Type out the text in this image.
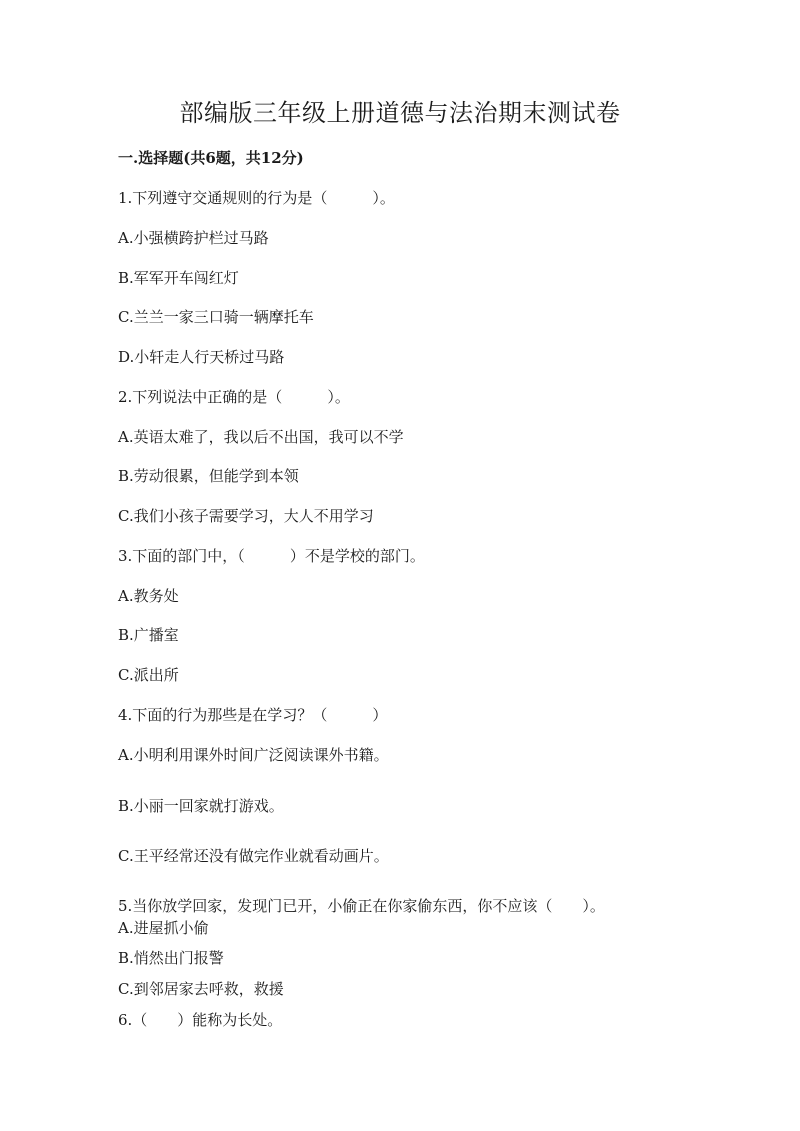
部编版三年级上册道德与法治期末测试卷
一.选择题(共6题，共12分)
1.下列遵守交通规则的行为是（　　　）。
A.小强横跨护栏过马路
B.军军开车闯红灯
C.兰兰一家三口骑一辆摩托车
D.小轩走人行天桥过马路
2.下列说法中正确的是（　　　）。
A.英语太难了，我以后不出国，我可以不学
B.劳动很累，但能学到本领
C.我们小孩子需要学习，大人不用学习
3.下面的部门中，（　　　）不是学校的部门。
A.教务处
B.广播室
C.派出所
4.下面的行为那些是在学习？（　　　）
A.小明利用课外时间广泛阅读课外书籍。
B.小丽一回家就打游戏。
C.王平经常还没有做完作业就看动画片。
5.当你放学回家，发现门已开，小偷正在你家偷东西，你不应该（　　）。
A.进屋抓小偷
B.悄然出门报警
C.到邻居家去呼救，救援
6.（　　）能称为长处。
